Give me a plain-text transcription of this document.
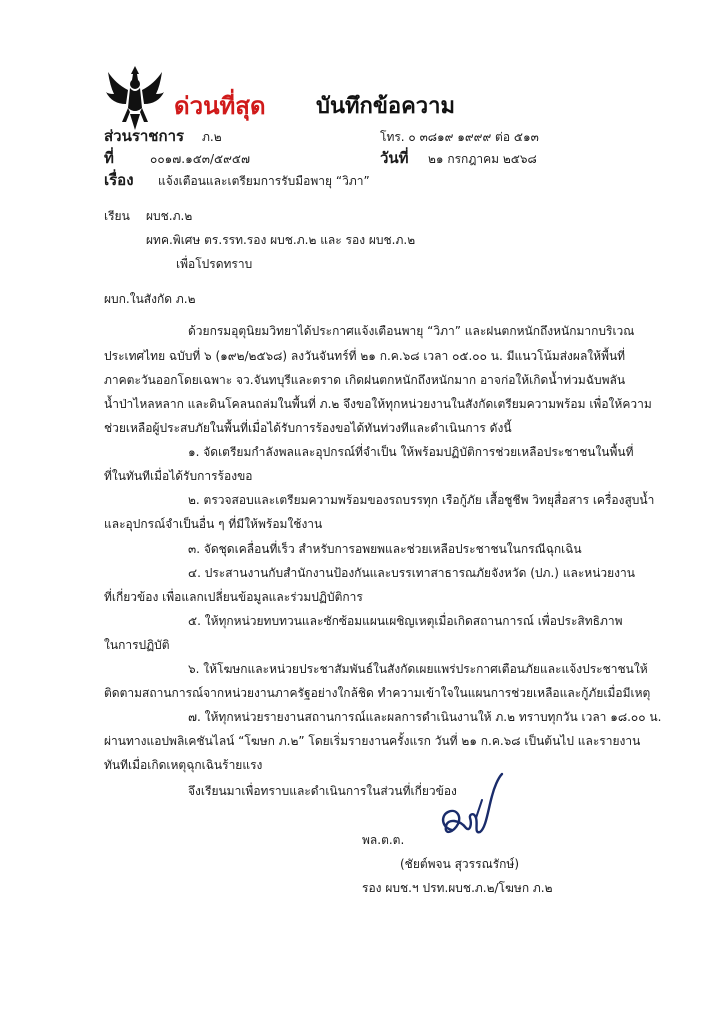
ด่วนที่สุด บันทึกข้อความ
ส่วนราชการ ภ.๒	โทร. ๐ ๓๘๑๙ ๑๙๙๙ ต่อ ๕๑๓
ที่	๐๐๑๗.๑๕๓/๕๙๕๗	วันที่ ๒๑ กรกฎาคม ๒๕๖๘
เรื่อง แจ้งเตือนและเตรียมการรับมือพายุ “วิภา”
เรียน ผบช.ภ.๒
ผทค.พิเศษ ตร.รรท.รอง ผบช.ภ.๒ และ รอง ผบช.ภ.๒
เพื่อโปรดทราบ
ผบก.ในสังกัด ภ.๒
ด้วยกรมอุตุนิยมวิทยาได้ประกาศแจ้งเตือนพายุ “วิภา” และฝนตกหนักถึงหนักมากบริเวณ
ประเทศไทย ฉบับที่ ๖ (๑๙๒/๒๕๖๘) ลงวันจันทร์ที่ ๒๑ ก.ค.๖๘ เวลา ๐๕.๐๐ น. มีแนวโน้มส่งผลให้พื้นที่
ภาคตะวันออกโดยเฉพาะ จว.จันทบุรีและตราด เกิดฝนตกหนักถึงหนักมาก อาจก่อให้เกิดน้ำท่วมฉับพลัน
น้ำป่าไหลหลาก และดินโคลนถล่มในพื้นที่ ภ.๒ จึงขอให้ทุกหน่วยงานในสังกัดเตรียมความพร้อม เพื่อให้ความ
ช่วยเหลือผู้ประสบภัยในพื้นที่เมื่อได้รับการร้องขอได้ทันท่วงทีและดำเนินการ ดังนี้
๑. จัดเตรียมกำลังพลและอุปกรณ์ที่จำเป็น ให้พร้อมปฏิบัติการช่วยเหลือประชาชนในพื้นที่
ที่ในทันทีเมื่อได้รับการร้องขอ
๒. ตรวจสอบและเตรียมความพร้อมของรถบรรทุก เรือกู้ภัย เสื้อชูชีพ วิทยุสื่อสาร เครื่องสูบน้ำ
และอุปกรณ์จำเป็นอื่น ๆ ที่มีให้พร้อมใช้งาน
๓. จัดชุดเคลื่อนที่เร็ว สำหรับการอพยพและช่วยเหลือประชาชนในกรณีฉุกเฉิน
๔. ประสานงานกับสำนักงานป้องกันและบรรเทาสาธารณภัยจังหวัด (ปภ.) และหน่วยงาน
ที่เกี่ยวข้อง เพื่อแลกเปลี่ยนข้อมูลและร่วมปฏิบัติการ
๕. ให้ทุกหน่วยทบทวนและซักซ้อมแผนเผชิญเหตุเมื่อเกิดสถานการณ์ เพื่อประสิทธิภาพ
ในการปฏิบัติ
๖. ให้โฆษกและหน่วยประชาสัมพันธ์ในสังกัดเผยแพร่ประกาศเตือนภัยและแจ้งประชาชนให้
ติดตามสถานการณ์จากหน่วยงานภาครัฐอย่างใกล้ชิด ทำความเข้าใจในแผนการช่วยเหลือและกู้ภัยเมื่อมีเหตุ
๗. ให้ทุกหน่วยรายงานสถานการณ์และผลการดำเนินงานให้ ภ.๒ ทราบทุกวัน เวลา ๑๘.๐๐ น.
ผ่านทางแอปพลิเคชันไลน์ “โฆษก ภ.๒” โดยเริ่มรายงานครั้งแรก วันที่ ๒๑ ก.ค.๖๘ เป็นต้นไป และรายงาน
ทันทีเมื่อเกิดเหตุฉุกเฉินร้ายแรง
จึงเรียนมาเพื่อทราบและดำเนินการในส่วนที่เกี่ยวข้อง
พล.ต.ต.
(ชัยต์พจน สุวรรณรักษ์)
รอง ผบช.ฯ ปรท.ผบช.ภ.๒/โฆษก ภ.๒
